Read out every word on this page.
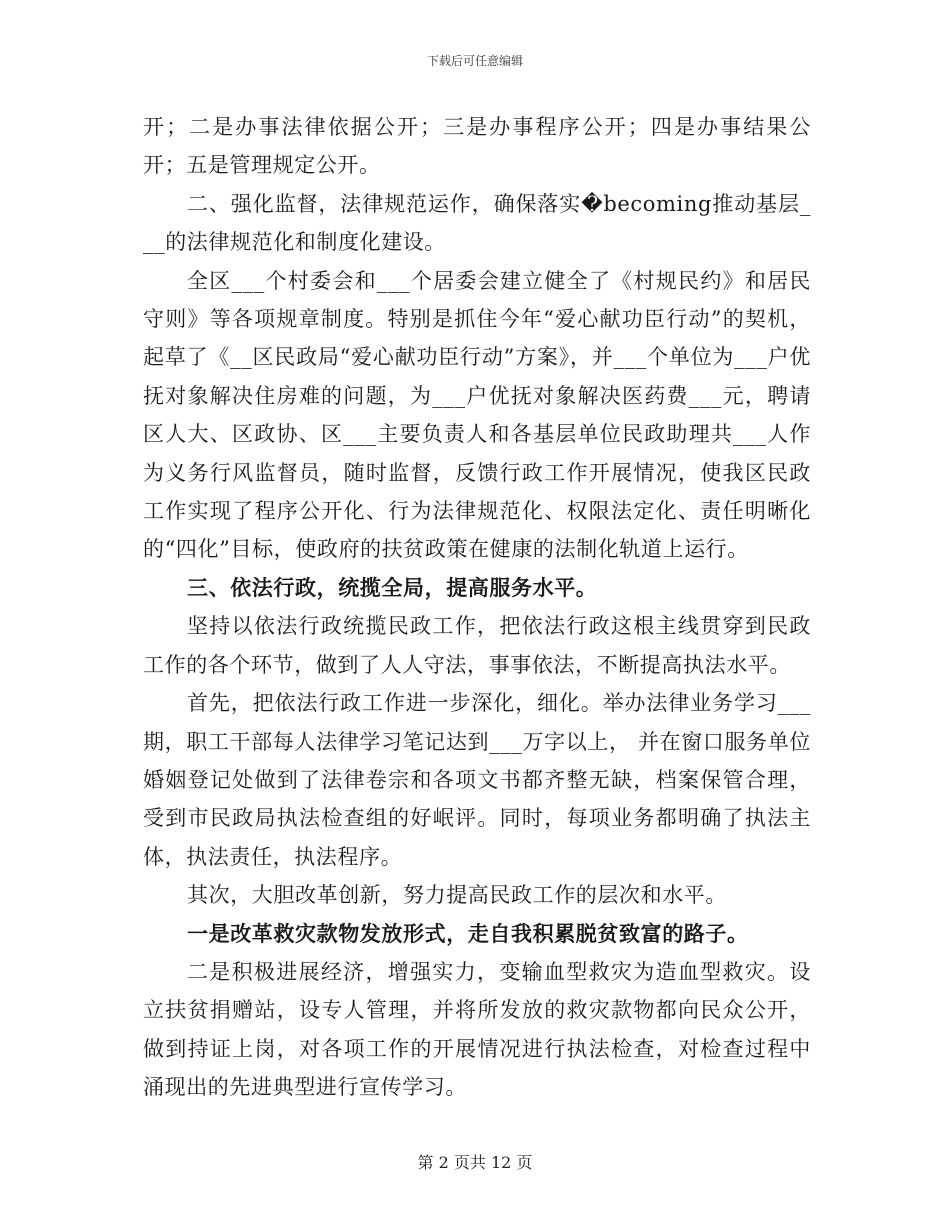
下载后可任意编辑

开；二是办事法律依据公开；三是办事程序公开；四是办事结果公开；五是管理规定公开。

二、强化监督，法律规范运作，确保落实�becoming推动基层___的法律规范化和制度化建设。

全区___个村委会和___个居委会建立健全了《村规民约》和居民守则》等各项规章制度。特别是抓住今年“爱心献功臣行动”的契机，起草了《__区民政局“爱心献功臣行动”方案》，并___个单位为___户优抚对象解决住房难的问题，为___户优抚对象解决医药费___元，聘请区人大、区政协、区___主要负责人和各基层单位民政助理共___人作为义务行风监督员，随时监督，反馈行政工作开展情况，使我区民政工作实现了程序公开化、行为法律规范化、权限法定化、责任明晰化的“四化”目标，使政府的扶贫政策在健康的法制化轨道上运行。

三、依法行政，统揽全局，提高服务水平。

坚持以依法行政统揽民政工作，把依法行政这根主线贯穿到民政工作的各个环节，做到了人人守法，事事依法，不断提高执法水平。

首先，把依法行政工作进一步深化，细化。举办法律业务学习___期，职工干部每人法律学习笔记达到___万字以上， 并在窗口服务单位婚姻登记处做到了法律卷宗和各项文书都齐整无缺，档案保管合理，受到市民政局执法检查组的好岷评。同时，每项业务都明确了执法主体，执法责任，执法程序。

其次，大胆改革创新，努力提高民政工作的层次和水平。

一是改革救灾款物发放形式，走自我积累脱贫致富的路子。

二是积极进展经济，增强实力，变输血型救灾为造血型救灾。设立扶贫捐赠站，设专人管理，并将所发放的救灾款物都向民众公开，做到持证上岗，对各项工作的开展情况进行执法检查，对检查过程中涌现出的先进典型进行宣传学习。

第 2 页共 12 页
